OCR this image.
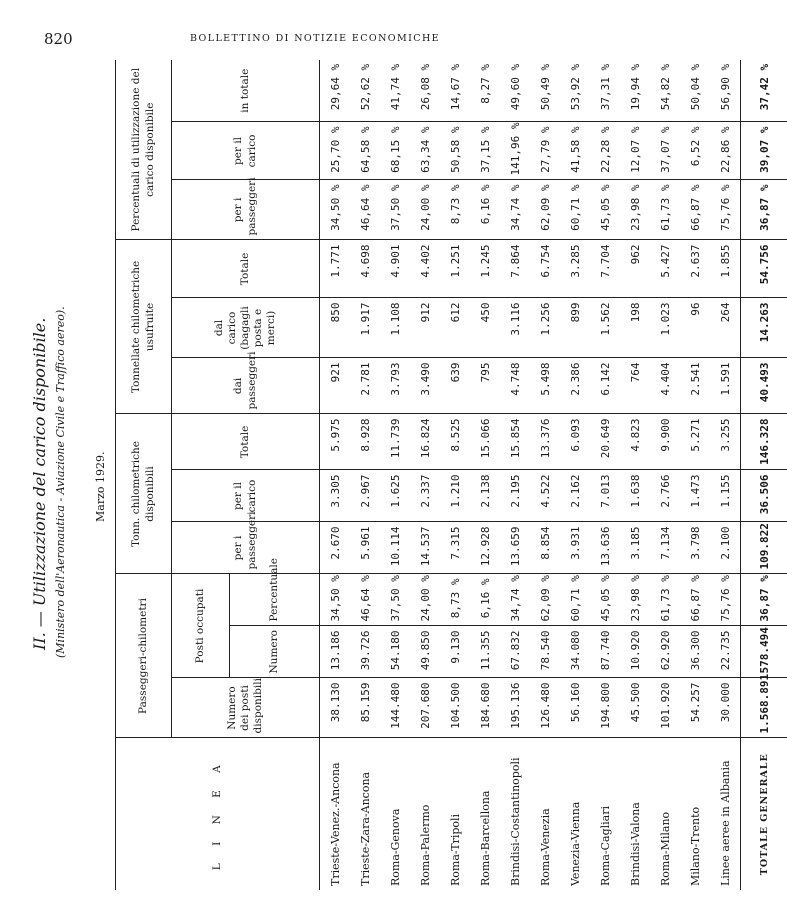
820	BOLLETTINO DI NOTIZIE ECONOMICHE
II. — Utilizzazione del carico disponibile. (Ministero dell'Aeronautica - Aviazione Civile e Traffico aereo). Marzo 1929.
L I N E A	Passeggeri-chilometri			Tonn. chilometriche disponibili			Tonnellate chilometriche usufruite			Percentuali di utilizzazione del carico disponibile		
	Numero dei posti disponibili	Posti occupati		per i passeggeri	per il carico	Totale	dai passeggeri	dal carico (bagagli posta e merci)	Totale	per i passeggeri	per il carico	in totale
		Numero	Percentuale									
Trieste-Venez.-Ancona	38.130	13.186	34,50 %	2.670	3.305	5.975	921	850	1.771	34,50 %	25,70 %	29,64 %
Trieste-Zara-Ancona	85.159	39.726	46,64 %	5.961	2.967	8.928	2.781	1.917	4.698	46,64 %	64,58 %	52,62 %
Roma-Genova	144.480	54.180	37,50 %	10.114	1.625	11.739	3.793	1.108	4.901	37,50 %	68,15 %	41,74 %
Roma-Palermo	207.680	49.850	24,00 %	14.537	2.337	16.824	3.490	912	4.402	24,00 %	63,34 %	26,08 %
Roma-Tripoli	104.500	9.130	8,73 %	7.315	1.210	8.525	639	612	1.251	8,73 %	50,58 %	14,67 %
Roma-Barcellona	184.680	11.355	6,16 %	12.928	2.138	15.066	795	450	1.245	6,16 %	37,15 %	8,27 %
Brindisi-Costantinopoli	195.136	67.832	34,74 %	13.659	2.195	15.854	4.748	3.116	7.864	34,74 %	141,96 %	49,60 %
Roma-Venezia	126.480	78.540	62,09 %	8.854	4.522	13.376	5.498	1.256	6.754	62,09 %	27,79 %	50,49 %
Venezia-Vienna	56.160	34.080	60,71 %	3.931	2.162	6.093	2.386	899	3.285	60,71 %	41,58 %	53,92 %
Roma-Cagliari	194.800	87.740	45,05 %	13.636	7.013	20.649	6.142	1.562	7.704	45,05 %	22,28 %	37,31 %
Brindisi-Valona	45.500	10.920	23,98 %	3.185	1.638	4.823	764	198	962	23,98 %	12,07 %	19,94 %
Roma-Milano	101.920	62.920	61,73 %	7.134	2.766	9.900	4.404	1.023	5.427	61,73 %	37,07 %	54,82 %
Milano-Trento	54.257	36.300	66,87 %	3.798	1.473	5.271	2.541	96	2.637	66,87 %	6,52 %	50,04 %
Linee aeree in Albania	30.000	22.735	75,76 %	2.100	1.155	3.255	1.591	264	1.855	75,76 %	22,86 %	56,90 %
TOTALE GENERALE	1.568.891	578.494	36,87 %	109.822	36.506	146.328	40.493	14.263	54.756	36,87 %	39,07 %	37,42 %
